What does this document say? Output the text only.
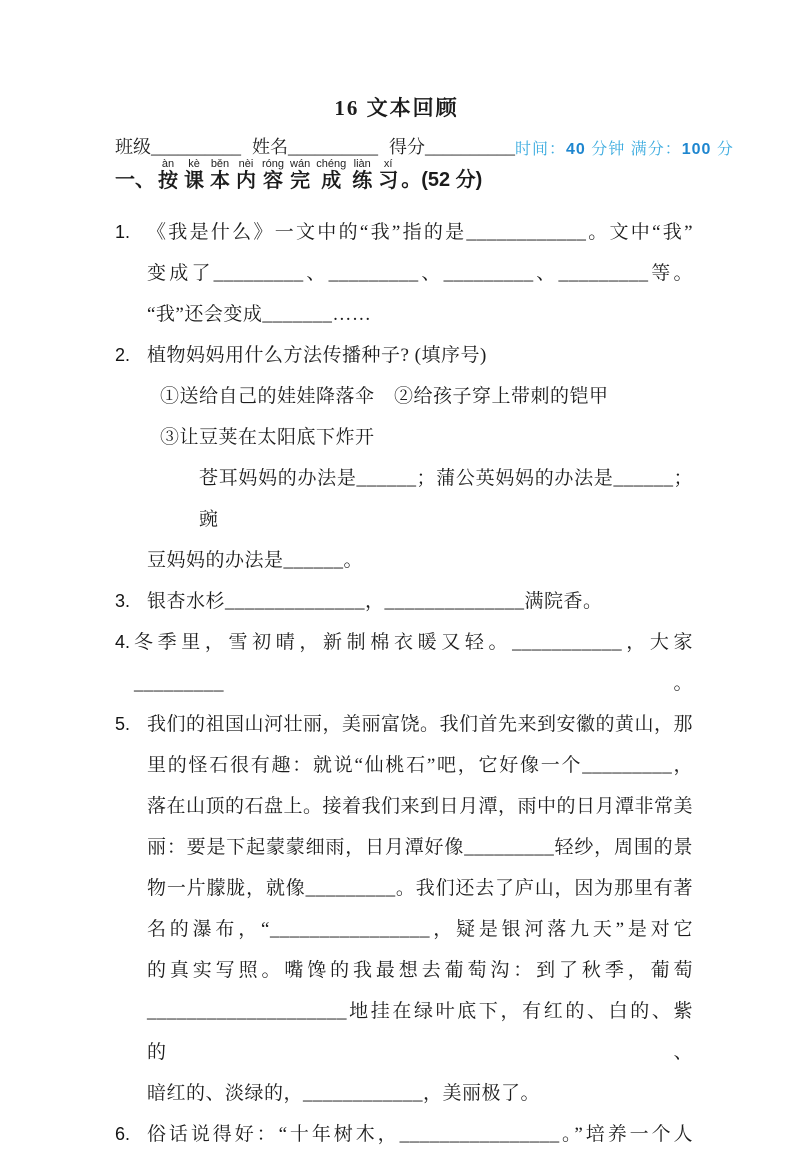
16 文本回顾
班级__________ 姓名__________ 得分__________ 时间：40 分钟 满分：100 分
一、 按àn
课kè
本běn
内nèi
容róng
完wán
成chéng
练liàn
习xí
。(52 分)
1. 《我是什么》一文中的“我”指的是____________。文中“我”
变成了_________、_________、_________、_________等。
“我”还会变成_______……
2. 植物妈妈用什么方法传播种子? (填序号)
①送给自己的娃娃降落伞　②给孩子穿上带刺的铠甲
③让豆荚在太阳底下炸开
苍耳妈妈的办法是______；蒲公英妈妈的办法是______；豌
豆妈妈的办法是______。
3. 银杏水杉______________，______________满院香。
4. 冬季里，雪初晴，新制棉衣暖又轻。___________，大家_________。
5. 我们的祖国山河壮丽，美丽富饶。我们首先来到安徽的黄山，那
里的怪石很有趣：就说“仙桃石”吧，它好像一个_________，
落在山顶的石盘上。接着我们来到日月潭，雨中的日月潭非常美
丽：要是下起蒙蒙细雨，日月潭好像_________轻纱，周围的景
物一片朦胧，就像_________。我们还去了庐山，因为那里有著
名的瀑布，“________________，疑是银河落九天”是对它
的真实写照。嘴馋的我最想去葡萄沟：到了秋季，葡萄
____________________地挂在绿叶底下，有红的、白的、紫的、
暗红的、淡绿的，____________，美丽极了。
6. 俗话说得好：“十年树木，________________。”培养一个人
